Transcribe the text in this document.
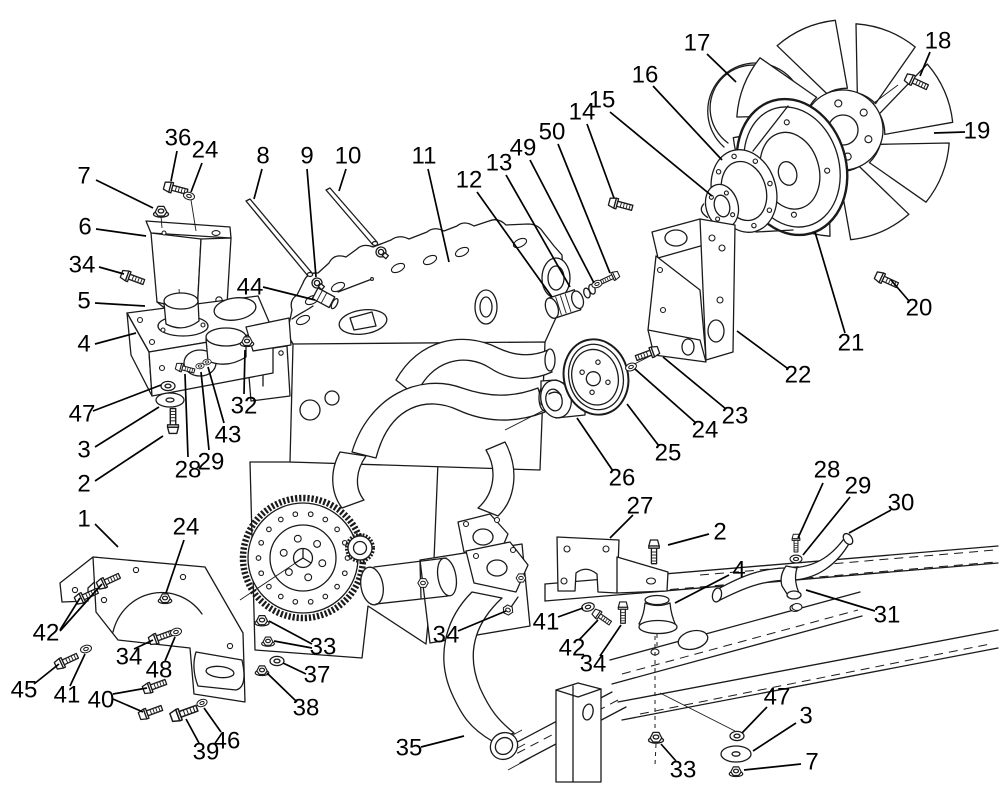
36 24
7
6
34
5
4
8 9 10 11
12
13
49
50
14
15
16
17	18
19
20
21
22
23
24
25
26
27
2
4
28
29
30
31
47
3
7
33
44
47
3
2
28
29
32
43
1	24
42
34 48
45 41 40
39
46
33
37
38
34
35
41
42
34
